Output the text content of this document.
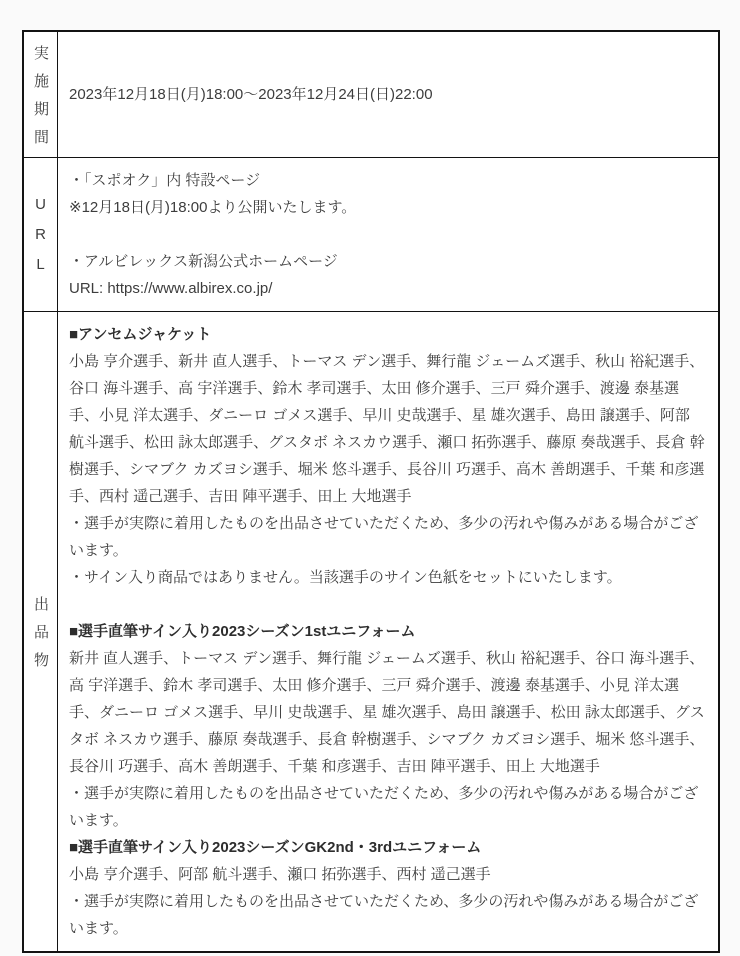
実施期間 2023年12月18日(月)18:00〜2023年12月24日(日)22:00

URL

・「スポオク」内 特設ページ

※12月18日(月)18:00より公開いたします。

・アルビレックス新潟公式ホームページ

URL: https://www.albirex.co.jp/

出品物

■アンセムジャケット

小島 亨介選手、新井 直人選手、トーマス デン選手、舞行龍 ジェームズ選手、秋山 裕紀選手、谷口 海斗選手、高 宇洋選手、鈴木 孝司選手、太田 修介選手、三戸 舜介選手、渡邊 泰基選手、小見 洋太選手、ダニーロ ゴメス選手、早川 史哉選手、星 雄次選手、島田 譲選手、阿部 航斗選手、松田 詠太郎選手、グスタボ ネスカウ選手、瀬口 拓弥選手、藤原 奏哉選手、長倉 幹樹選手、シマブク カズヨシ選手、堀米 悠斗選手、長谷川 巧選手、高木 善朗選手、千葉 和彦選手、西村 遥己選手、吉田 陣平選手、田上 大地選手

・選手が実際に着用したものを出品させていただくため、多少の汚れや傷みがある場合がございます。

・サイン入り商品ではありません。当該選手のサイン色紙をセットにいたします。

■選手直筆サイン入り2023シーズン1stユニフォーム

新井 直人選手、トーマス デン選手、舞行龍 ジェームズ選手、秋山 裕紀選手、谷口 海斗選手、高 宇洋選手、鈴木 孝司選手、太田 修介選手、三戸 舜介選手、渡邊 泰基選手、小見 洋太選手、ダニーロ ゴメス選手、早川 史哉選手、星 雄次選手、島田 譲選手、松田 詠太郎選手、グスタボ ネスカウ選手、藤原 奏哉選手、長倉 幹樹選手、シマブク カズヨシ選手、堀米 悠斗選手、長谷川 巧選手、高木 善朗選手、千葉 和彦選手、吉田 陣平選手、田上 大地選手

・選手が実際に着用したものを出品させていただくため、多少の汚れや傷みがある場合がございます。

■選手直筆サイン入り2023シーズンGK2nd・3rdユニフォーム

小島 亨介選手、阿部 航斗選手、瀬口 拓弥選手、西村 遥己選手

・選手が実際に着用したものを出品させていただくため、多少の汚れや傷みがある場合がございます。
